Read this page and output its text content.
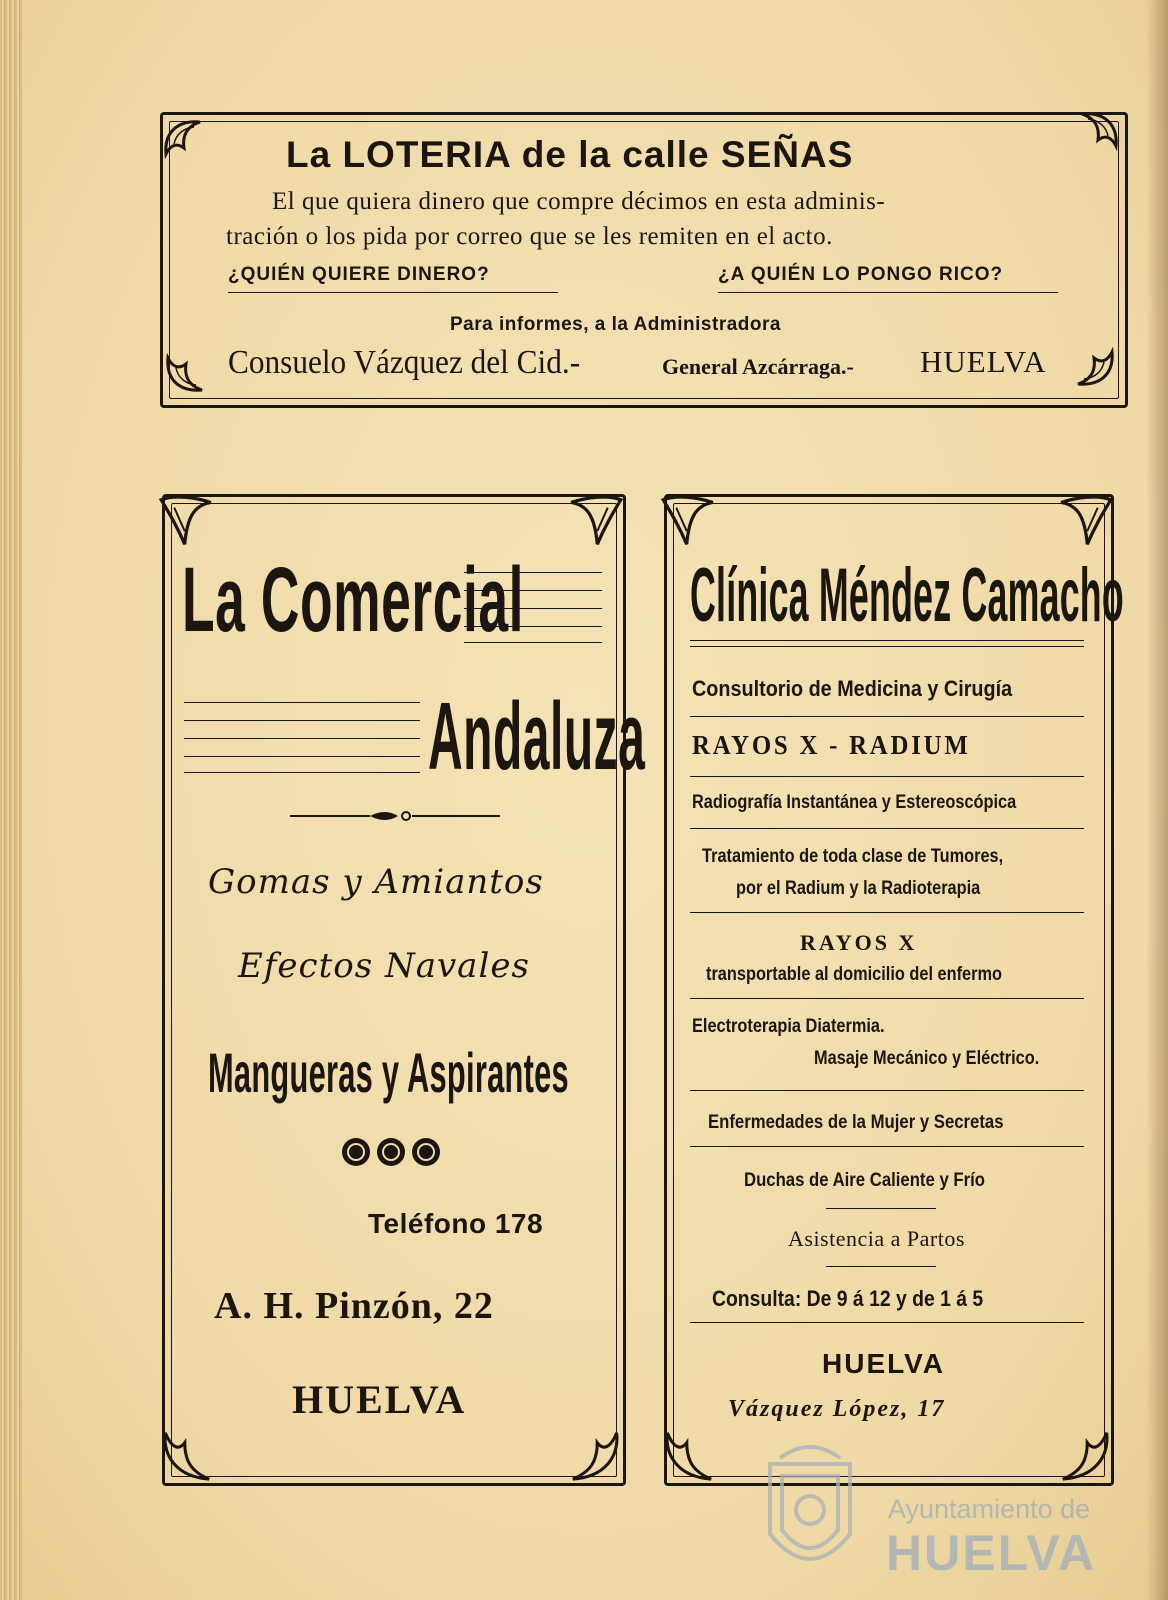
La LOTERIA de la calle SEÑAS
El que quiera dinero que compre décimos en esta adminis-
tración o los pida por correo que se les remiten en el acto.
¿QUIÉN QUIERE DINERO?	¿A QUIÉN LO PONGO RICO?
Para informes, a la Administradora
Consuelo Vázquez del Cid.-	General Azcárraga.- HUELVA
La Comercial
Andaluza
Gomas y Amiantos
Efectos Navales
Mangueras y Aspirantes
Teléfono 178
A. H. Pinzón, 22
HUELVA
Clínica Méndez Camacho
Consultorio de Medicina y Cirugía
RAYOS X - RADIUM
Radiografía Instantánea y Estereoscópica
Tratamiento de toda clase de Tumores,
por el Radium y la Radioterapia
RAYOS X
transportable al domicilio del enfermo
Electroterapia Diatermia.
Masaje Mecánico y Eléctrico.
Enfermedades de la Mujer y Secretas
Duchas de Aire Caliente y Frío
Asistencia a Partos
Consulta: De 9 á 12 y de 1 á 5
HUELVA
Vázquez López, 17
Ayuntamiento de
HUELVA
